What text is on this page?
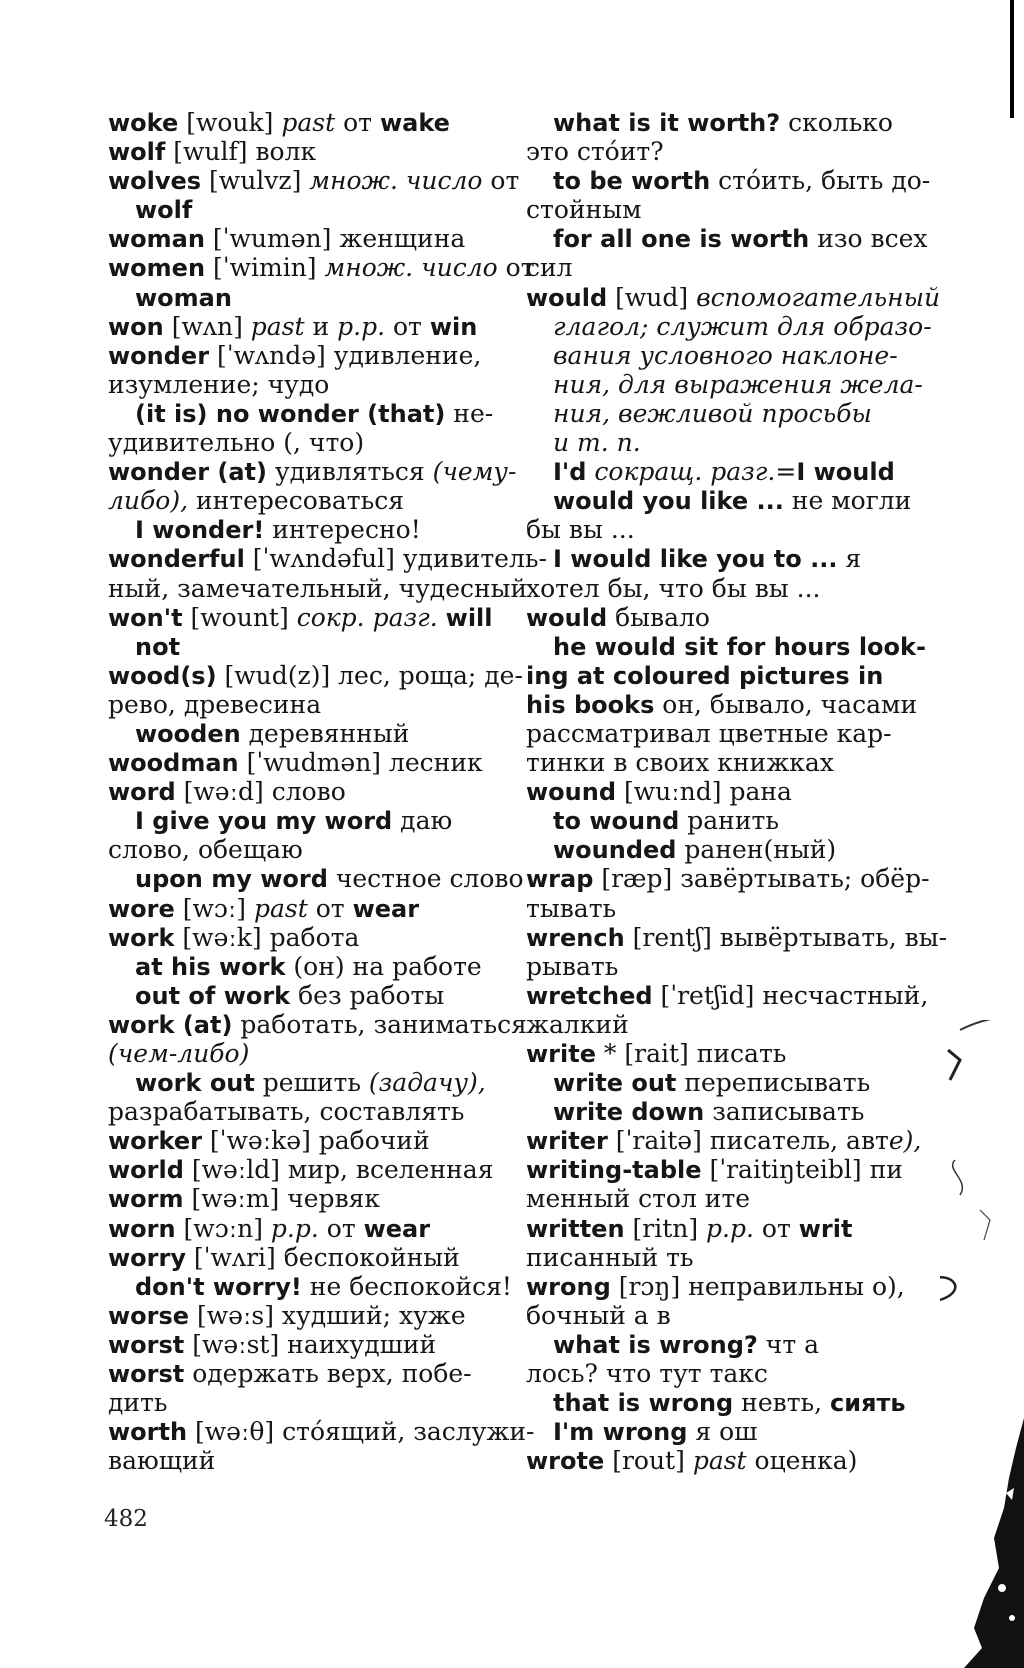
woke [wouk] past от wake
wolf [wulf] волк
wolves [wulvz] множ. число от
wolf
woman [ˈwumən] женщина
women [ˈwimin] множ. число от
woman
won [wʌn] past и p.p. от win
wonder [ˈwʌndə] удивление,
изумление; чудо
(it is) no wonder (that) не-
удивительно (, что)
wonder (at) удивляться (чему-
либо), интересоваться
I wonder! интересно!
wonderful [ˈwʌndəful] удивитель-
ный, замечательный, чудесный
won't [wount] сокр. разг. will
not
wood(s) [wud(z)] лес, роща; де-
рево, древесина
wooden деревянный
woodman [ˈwudmən] лесник
word [wəːd] слово
I give you my word даю
слово, обещаю
upon my word честное слово
wore [wɔː] past от wear
work [wəːk] работа
at his work (он) на работе
out of work без работы
work (at) работать, заниматься
(чем-либо)
work out решить (задачу),
разрабатывать, составлять
worker [ˈwəːkə] рабочий
world [wəːld] мир, вселенная
worm [wəːm] червяк
worn [wɔːn] p.p. от wear
worry [ˈwʌri] беспокойный
don't worry! не беспокойся!
worse [wəːs] худший; хуже
worst [wəːst] наихудший
worst одержать верх, побе-
дить
worth [wəːθ] сто́ящий, заслужи-
вающий
what is it worth? сколько
это сто́ит?
to be worth сто́ить, быть до-
стойным
for all one is worth изо всех
сил
would [wud] вспомогательный
глагол; служит для образо-
вания условного наклоне-
ния, для выражения жела-
ния, вежливой просьбы
и т. п.
I'd сокращ. разг.=I would
would you like ... не могли
бы вы ...
I would like you to ... я
хотел бы, что бы вы ...
would бывало
he would sit for hours look-
ing at coloured pictures in
his books он, бывало, часами
рассматривал цветные кар-
тинки в своих книжках
wound [wuːnd] рана
to wound ранить
wounded ранен(ный)
wrap [ræp] завёртывать; обёр-
тывать
wrench [rentʃ] вывёртывать, вы-
рывать
wretched [ˈretʃid] несчастный,
жалкий
write * [rait] писать
write out переписывать
write down записывать
writer [ˈraitə] писатель, автe),
writing-table [ˈraitiŋteibl] пи
менный стол ите
written [ritn] p.p. от writ
писанный ть
wrong [rɔŋ] неправильны о),
бочный а в
what is wrong? чт а
лось? что тут такс
that is wrong невть, сиять
I'm wrong я ош
wrote [rout] past оценка)
482
